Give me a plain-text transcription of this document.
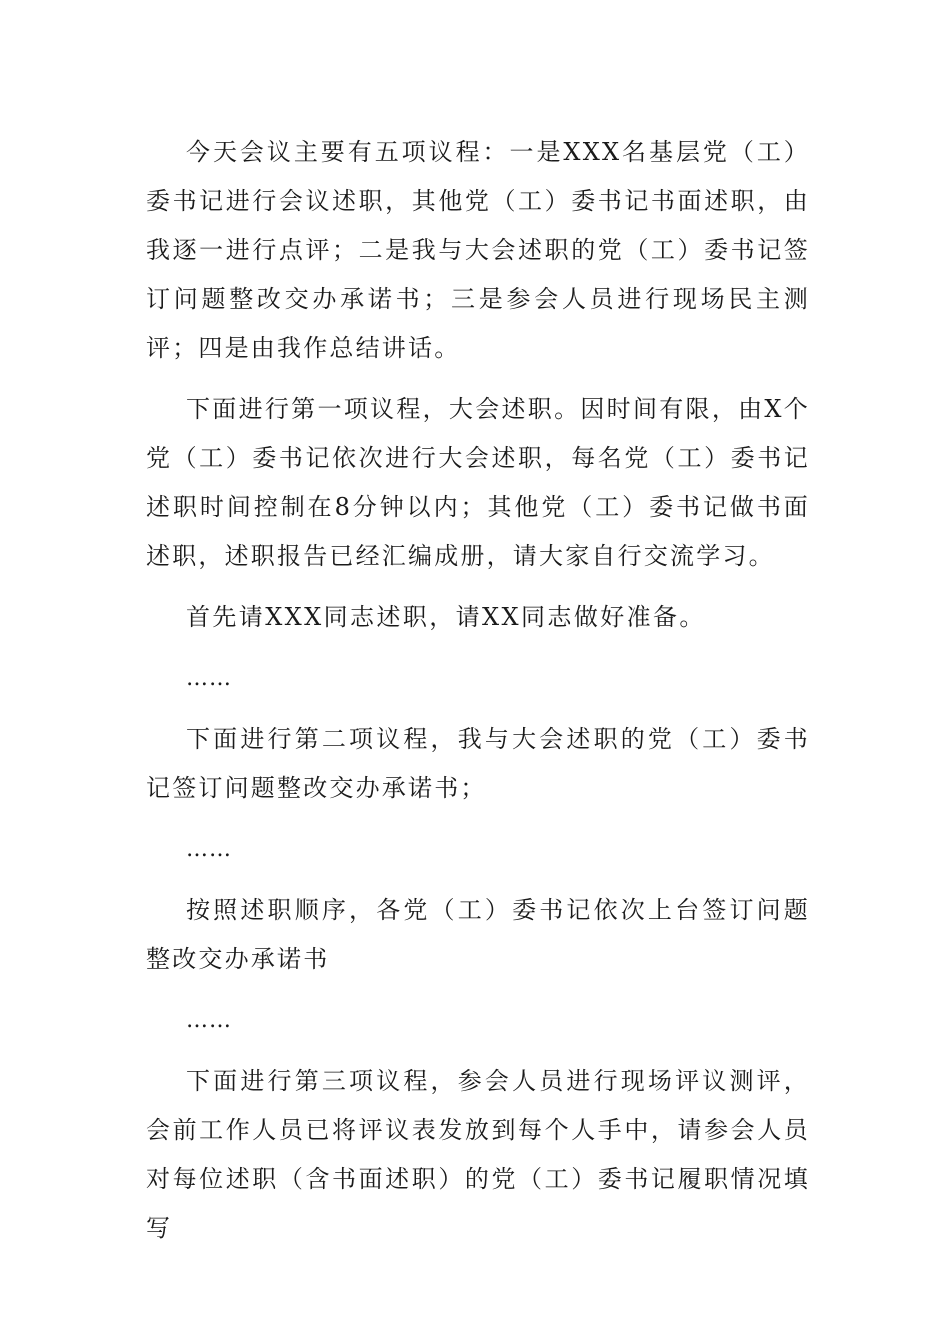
今天会议主要有五项议程：一是XXX名基层党（工）委书记进行会议述职，其他党（工）委书记书面述职，由我逐一进行点评；二是我与大会述职的党（工）委书记签订问题整改交办承诺书；三是参会人员进行现场民主测评；四是由我作总结讲话。

下面进行第一项议程，大会述职。因时间有限，由X个党（工）委书记依次进行大会述职，每名党（工）委书记述职时间控制在8分钟以内；其他党（工）委书记做书面述职，述职报告已经汇编成册，请大家自行交流学习。

首先请XXX同志述职，请XX同志做好准备。

……

下面进行第二项议程，我与大会述职的党（工）委书记签订问题整改交办承诺书；

……

按照述职顺序，各党（工）委书记依次上台签订问题整改交办承诺书

……

下面进行第三项议程，参会人员进行现场评议测评，会前工作人员已将评议表发放到每个人手中，请参会人员对每位述职（含书面述职）的党（工）委书记履职情况填写
